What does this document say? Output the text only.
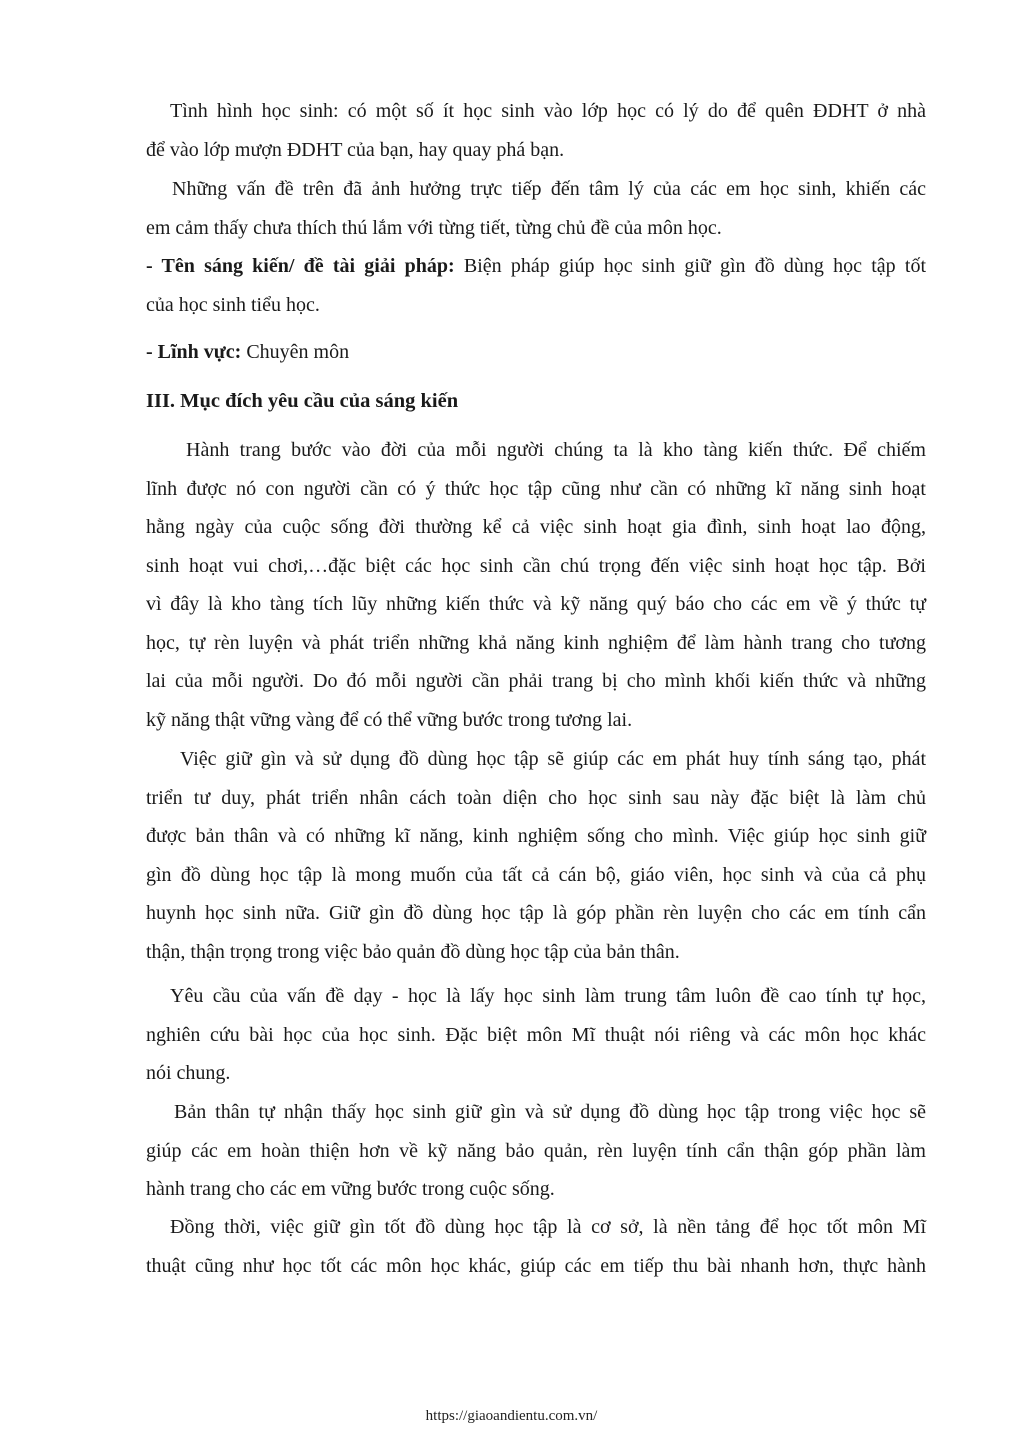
Tình hình học sinh: có một số ít học sinh vào lớp học có lý do để quên ĐDHT ở nhà

để vào lớp mượn ĐDHT của bạn, hay quay phá bạn.

Những vấn đề trên đã ảnh hưởng trực tiếp đến tâm lý của các em học sinh, khiến các

em cảm thấy chưa thích thú lắm với từng tiết, từng chủ đề của môn học.

- Tên sáng kiến/ đề tài giải pháp: Biện pháp giúp học sinh giữ gìn đồ dùng học tập tốt

của học sinh tiểu học.

- Lĩnh vực: Chuyên môn

III. Mục đích yêu cầu của sáng kiến

Hành trang bước vào đời của mỗi người chúng ta là kho tàng kiến thức. Để chiếm

lĩnh được nó con người cần có ý thức học tập cũng như cần có những kĩ năng sinh hoạt

hằng ngày của cuộc sống đời thường kể cả việc sinh hoạt gia đình, sinh hoạt lao động,

sinh hoạt vui chơi,…đặc biệt các học sinh cần chú trọng đến việc sinh hoạt học tập. Bởi

vì đây là kho tàng tích lũy những kiến thức và kỹ năng quý báo cho các em về ý thức tự

học, tự rèn luyện và phát triển những khả năng kinh nghiệm để làm hành trang cho tương

lai của mỗi người. Do đó mỗi người cần phải trang bị cho mình khối kiến thức và những

kỹ năng thật vững vàng để có thể vững bước trong tương lai.

Việc giữ gìn và sử dụng đồ dùng học tập sẽ giúp các em phát huy tính sáng tạo, phát

triển tư duy, phát triển nhân cách toàn diện cho học sinh sau này đặc biệt là làm chủ

được bản thân và có những kĩ năng, kinh nghiệm sống cho mình. Việc giúp học sinh giữ

gìn đồ dùng học tập là mong muốn của tất cả cán bộ, giáo viên, học sinh và của cả phụ

huynh học sinh nữa. Giữ gìn đồ dùng học tập là góp phần rèn luyện cho các em tính cẩn

thận, thận trọng trong việc bảo quản đồ dùng học tập của bản thân.

Yêu cầu của vấn đề dạy - học là lấy học sinh làm trung tâm luôn đề cao tính tự học,

nghiên cứu bài học của học sinh. Đặc biệt môn Mĩ thuật nói riêng và các môn học khác

nói chung.

Bản thân tự nhận thấy học sinh giữ gìn và sử dụng đồ dùng học tập trong việc học sẽ

giúp các em hoàn thiện hơn về kỹ năng bảo quản, rèn luyện tính cẩn thận góp phần làm

hành trang cho các em vững bước trong cuộc sống.

Đồng thời, việc giữ gìn tốt đồ dùng học tập là cơ sở, là nền tảng để học tốt môn Mĩ

thuật cũng như học tốt các môn học khác, giúp các em tiếp thu bài nhanh hơn, thực hành

https://giaoandientu.com.vn/
